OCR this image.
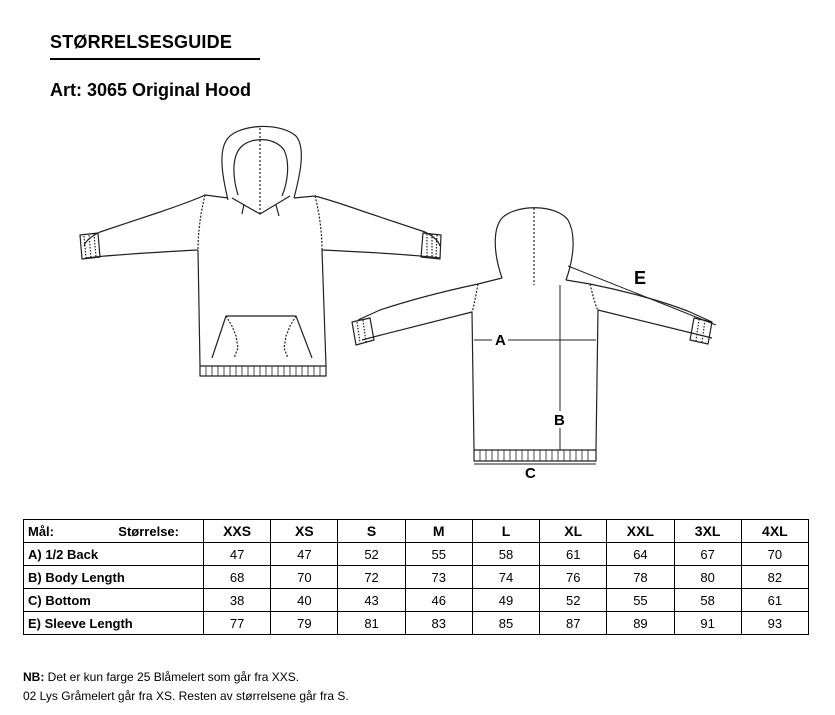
STØRRELSESGUIDE
Art: 3065 Original Hood
A
B
C
E
Mål: Størrelse:	XXS	XS	S	M	L	XL	XXL	3XL	4XL
A) 1/2 Back	47	47	52	55	58	61	64	67	70
B) Body Length	68	70	72	73	74	76	78	80	82
C) Bottom	38	40	43	46	49	52	55	58	61
E) Sleeve Length	77	79	81	83	85	87	89	91	93
NB: Det er kun farge 25 Blåmelert som går fra XXS.
02 Lys Gråmelert går fra XS. Resten av størrelsene går fra S.
